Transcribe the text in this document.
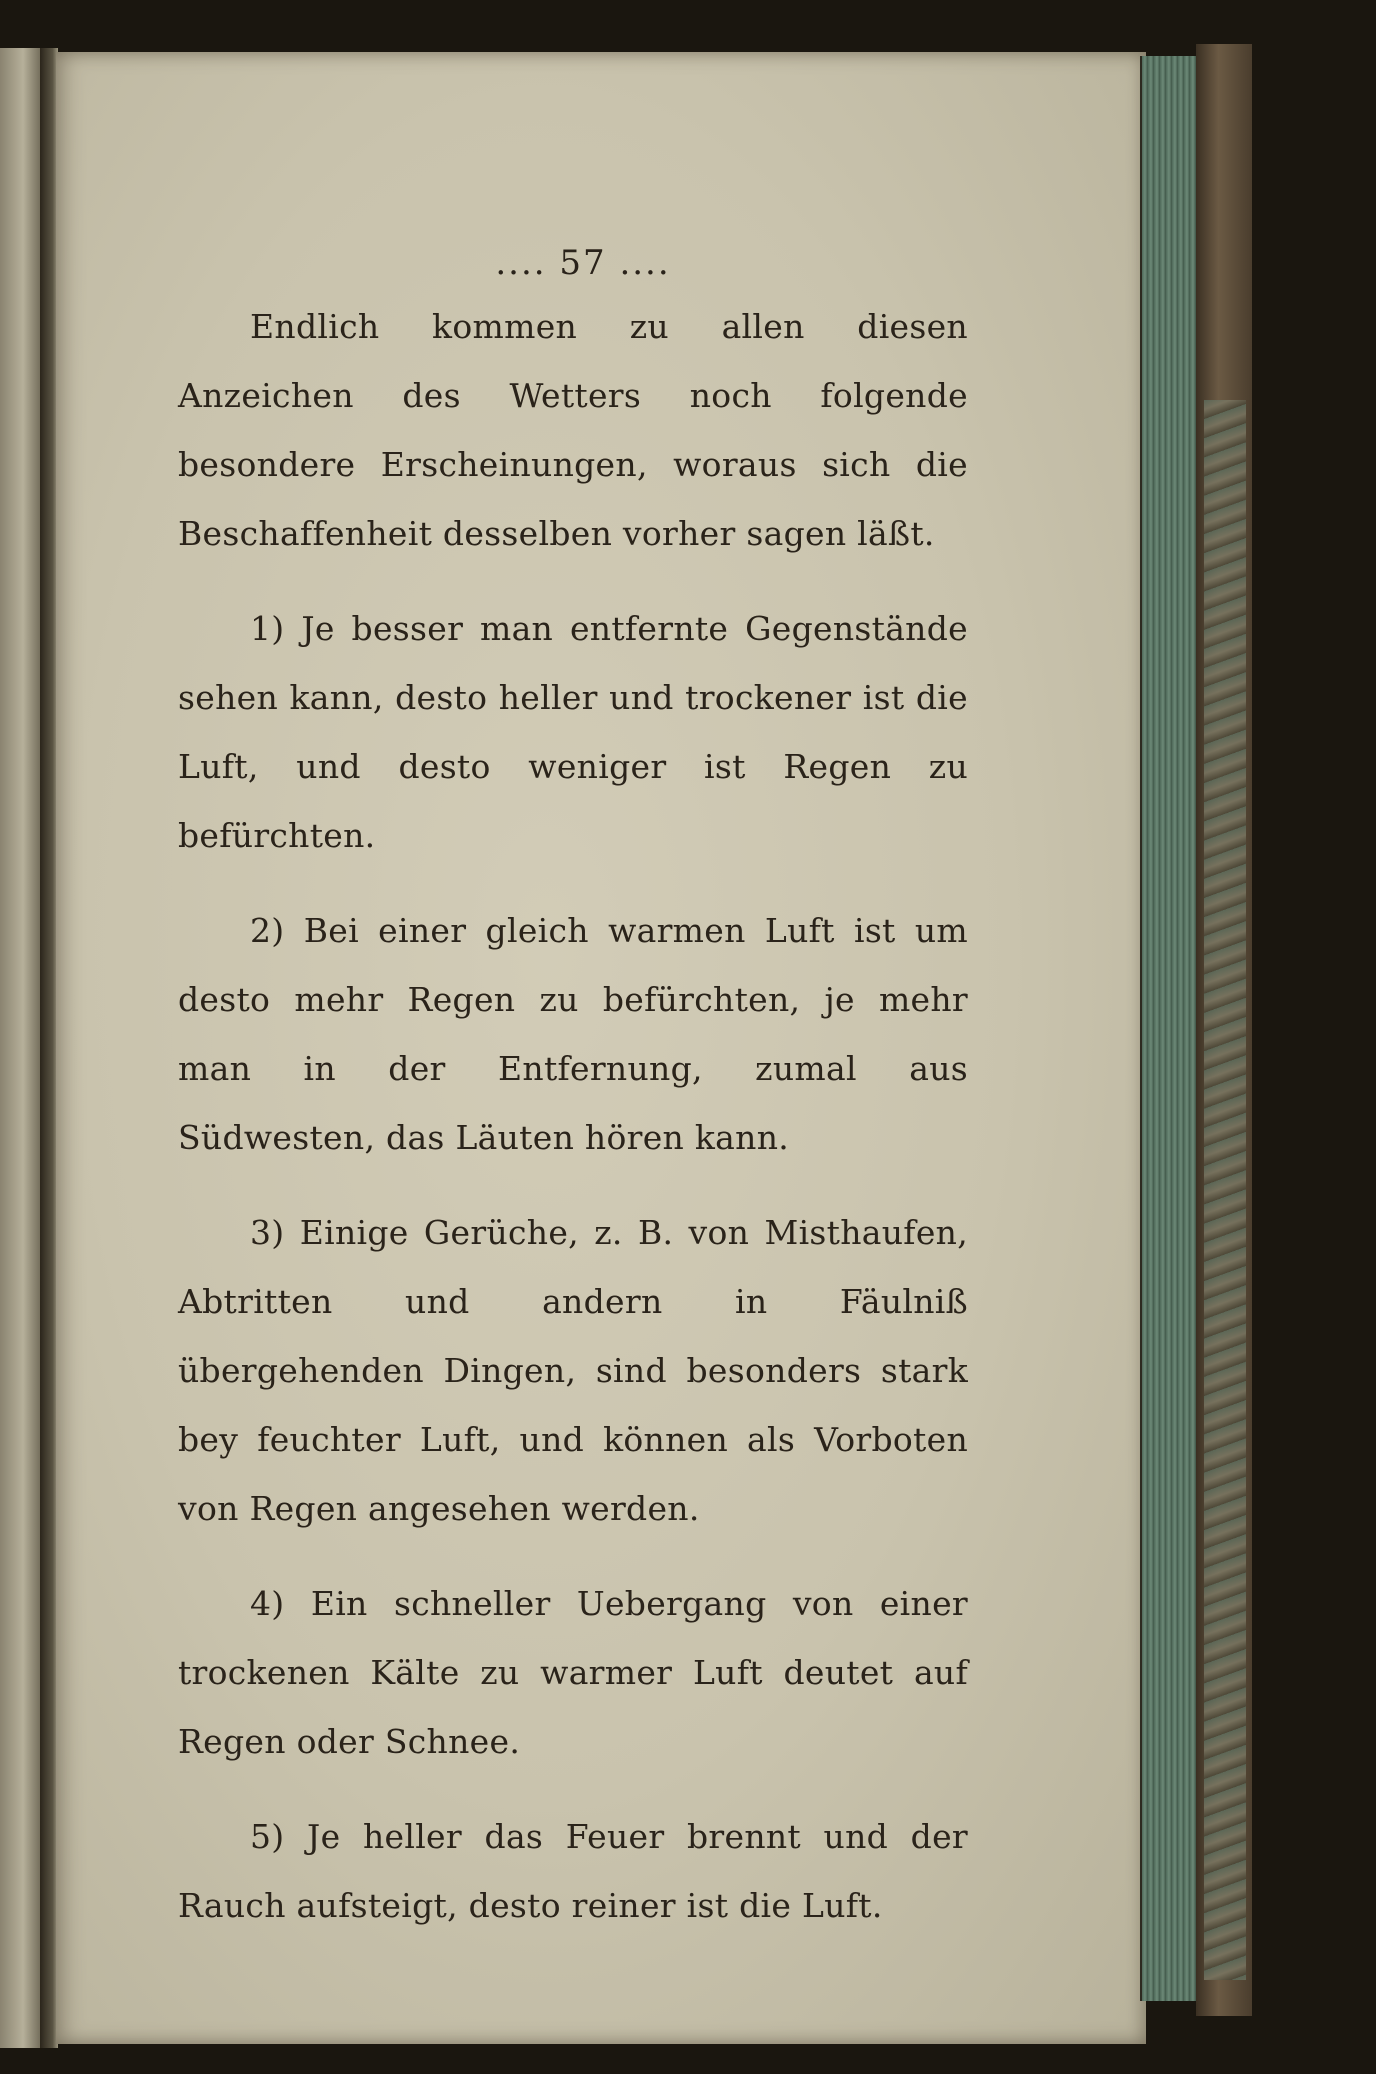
.... 57 ....

Endlich kommen zu allen diesen Anzeichen des Wetters noch folgende besondere Erscheinungen, woraus sich die Beschaffenheit desselben vorher sagen läßt.

1) Je besser man entfernte Gegenstände sehen kann, desto heller und trockener ist die Luft, und desto weniger ist Regen zu befürchten.

2) Bei einer gleich warmen Luft ist um desto mehr Regen zu befürchten, je mehr man in der Entfernung, zumal aus Südwesten, das Läuten hören kann.

3) Einige Gerüche, z. B. von Misthaufen, Abtritten und andern in Fäulniß übergehenden Dingen, sind besonders stark bey feuchter Luft, und können als Vorboten von Regen angesehen werden.

4) Ein schneller Uebergang von einer trockenen Kälte zu warmer Luft deutet auf Regen oder Schnee.

5) Je heller das Feuer brennt und der Rauch aufsteigt, desto reiner ist die Luft.
